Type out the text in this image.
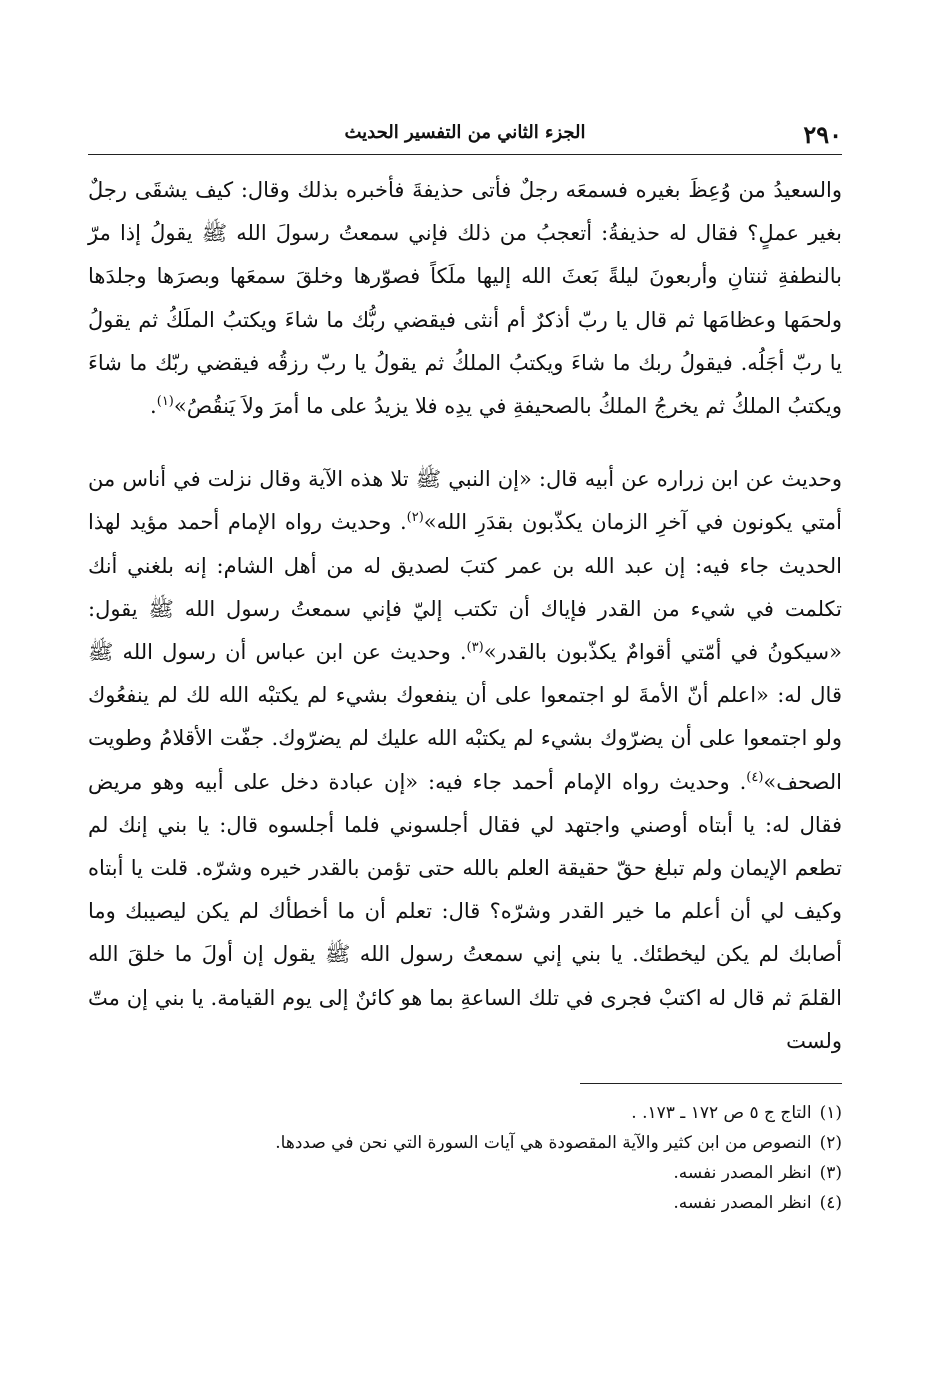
٢٩٠
الجزء الثاني من التفسير الحديث

والسعيدُ من وُعِظَ بغيره فسمعَه رجلٌ فأتى حذيفةَ فأخبره بذلك وقال: كيف يشقَى رجلٌ بغير عملٍ؟ فقال له حذيفةُ: أتعجبُ من ذلك فإني سمعتُ رسولَ الله ﷺ يقولُ إذا مرّ بالنطفةِ ثنتانِ وأربعونَ ليلةً بَعثَ الله إليها ملَكاً فصوّرها وخلقَ سمعَها وبصرَها وجلدَها ولحمَها وعظامَها ثم قال يا ربّ أذكرٌ أم أنثى فيقضي ربُّك ما شاءَ ويكتبُ الملَكُ ثم يقولُ يا ربّ أجَلُه. فيقولُ ربك ما شاءَ ويكتبُ الملكُ ثم يقولُ يا ربّ رزقُه فيقضي ربّك ما شاءَ ويكتبُ الملكُ ثم يخرجُ الملكُ بالصحيفةِ في يدِه فلا يزيدُ على ما أمرَ ولاَ يَنقُصُ»$^{(١)}$.

وحديث عن ابن زراره عن أبيه قال: «إن النبي ﷺ تلا هذه الآية وقال نزلت في أناس من أمتي يكونون في آخرِ الزمان يكذّبون بقدَرِ الله»$^{(٢)}$. وحديث رواه الإمام أحمد مؤيد لهذا الحديث جاء فيه: إن عبد الله بن عمر كتبَ لصديق له من أهل الشام: إنه بلغني أنك تكلمت في شيء من القدر فإياك أن تكتب إليّ فإني سمعتُ رسول الله ﷺ يقول: «سيكونُ في أمّتي أقوامٌ يكذّبون بالقدر»$^{(٣)}$. وحديث عن ابن عباس أن رسول الله ﷺ قال له: «اعلم أنّ الأمةَ لو اجتمعوا على أن ينفعوك بشيء لم يكتبْه الله لك لم ينفعُوك ولو اجتمعوا على أن يضرّوك بشيء لم يكتبْه الله عليك لم يضرّوك. جفّت الأقلامُ وطويت الصحف»$^{(٤)}$. وحديث رواه الإمام أحمد جاء فيه: «إن عبادة دخل على أبيه وهو مريض فقال له: يا أبتاه أوصني واجتهد لي فقال أجلسوني فلما أجلسوه قال: يا بني إنك لم تطعم الإيمان ولم تبلغ حقّ حقيقة العلم بالله حتى تؤمن بالقدر خيره وشرّه. قلت يا أبتاه وكيف لي أن أعلم ما خير القدر وشرّه؟ قال: تعلم أن ما أخطأك لم يكن ليصيبك وما أصابك لم يكن ليخطئك. يا بني إني سمعتُ رسول الله ﷺ يقول إن أولَ ما خلقَ الله القلمَ ثم قال له اكتبْ فجرى في تلك الساعةِ بما هو كائنٌ إلى يوم القيامة. يا بني إن متّ ولست

(١)التاج ج ٥ ص ١٧٢ ـ ١٧٣. .

(٢)النصوص من ابن كثير والآية المقصودة هي آيات السورة التي نحن في صددها.

(٣)انظر المصدر نفسه.

(٤)انظر المصدر نفسه.
